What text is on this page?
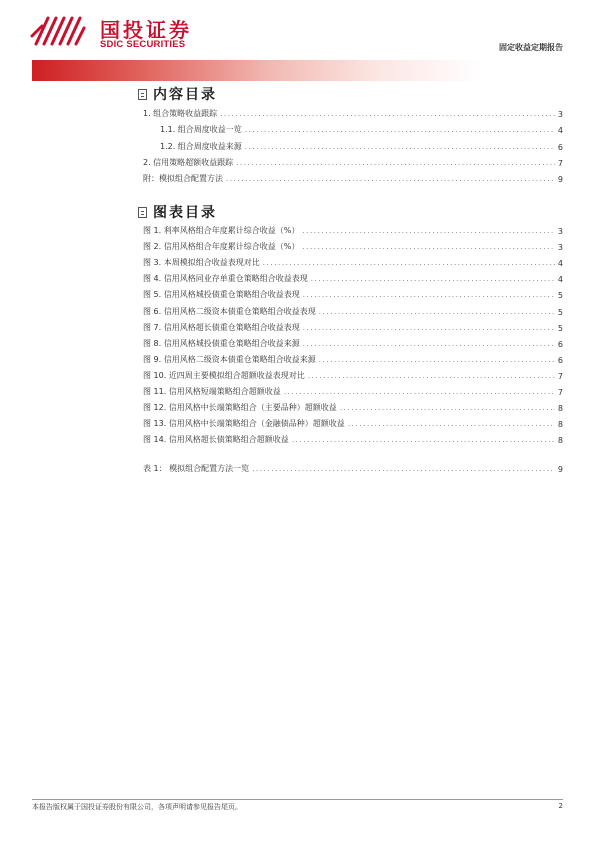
国投证券
SDIC SECURITIES	固定收益定期报告
内容目录
1. 组合策略收益跟踪 .....	3
1.1. 组合周度收益一览 .....	4
1.2. 组合周度收益来源 .....	6
2. 信用策略超额收益跟踪 .....	7
附：模拟组合配置方法 .....	9
图表目录
图 1. 利率风格组合年度累计综合收益（%） .....	3
图 2. 信用风格组合年度累计综合收益（%） .....	3
图 3. 本周模拟组合收益表现对比 .....	4
图 4. 信用风格同业存单重仓策略组合收益表现 .....	4
图 5. 信用风格城投债重仓策略组合收益表现 .....	5
图 6. 信用风格二级资本债重仓策略组合收益表现 .....	5
图 7. 信用风格超长债重仓策略组合收益表现 .....	5
图 8. 信用风格城投债重仓策略组合收益来源 .....	6
图 9. 信用风格二级资本债重仓策略组合收益来源 .....	6
图 10. 近四周主要模拟组合超额收益表现对比 .....	7
图 11. 信用风格短端策略组合超额收益 .....	7
图 12. 信用风格中长端策略组合（主要品种）超额收益 .....	8
图 13. 信用风格中长端策略组合（金融债品种）超额收益 .....	8
图 14. 信用风格超长债策略组合超额收益 .....	8
表 1： 模拟组合配置方法一览 .....	9
本报告版权属于国投证券股份有限公司，各项声明请参见报告尾页。	2
